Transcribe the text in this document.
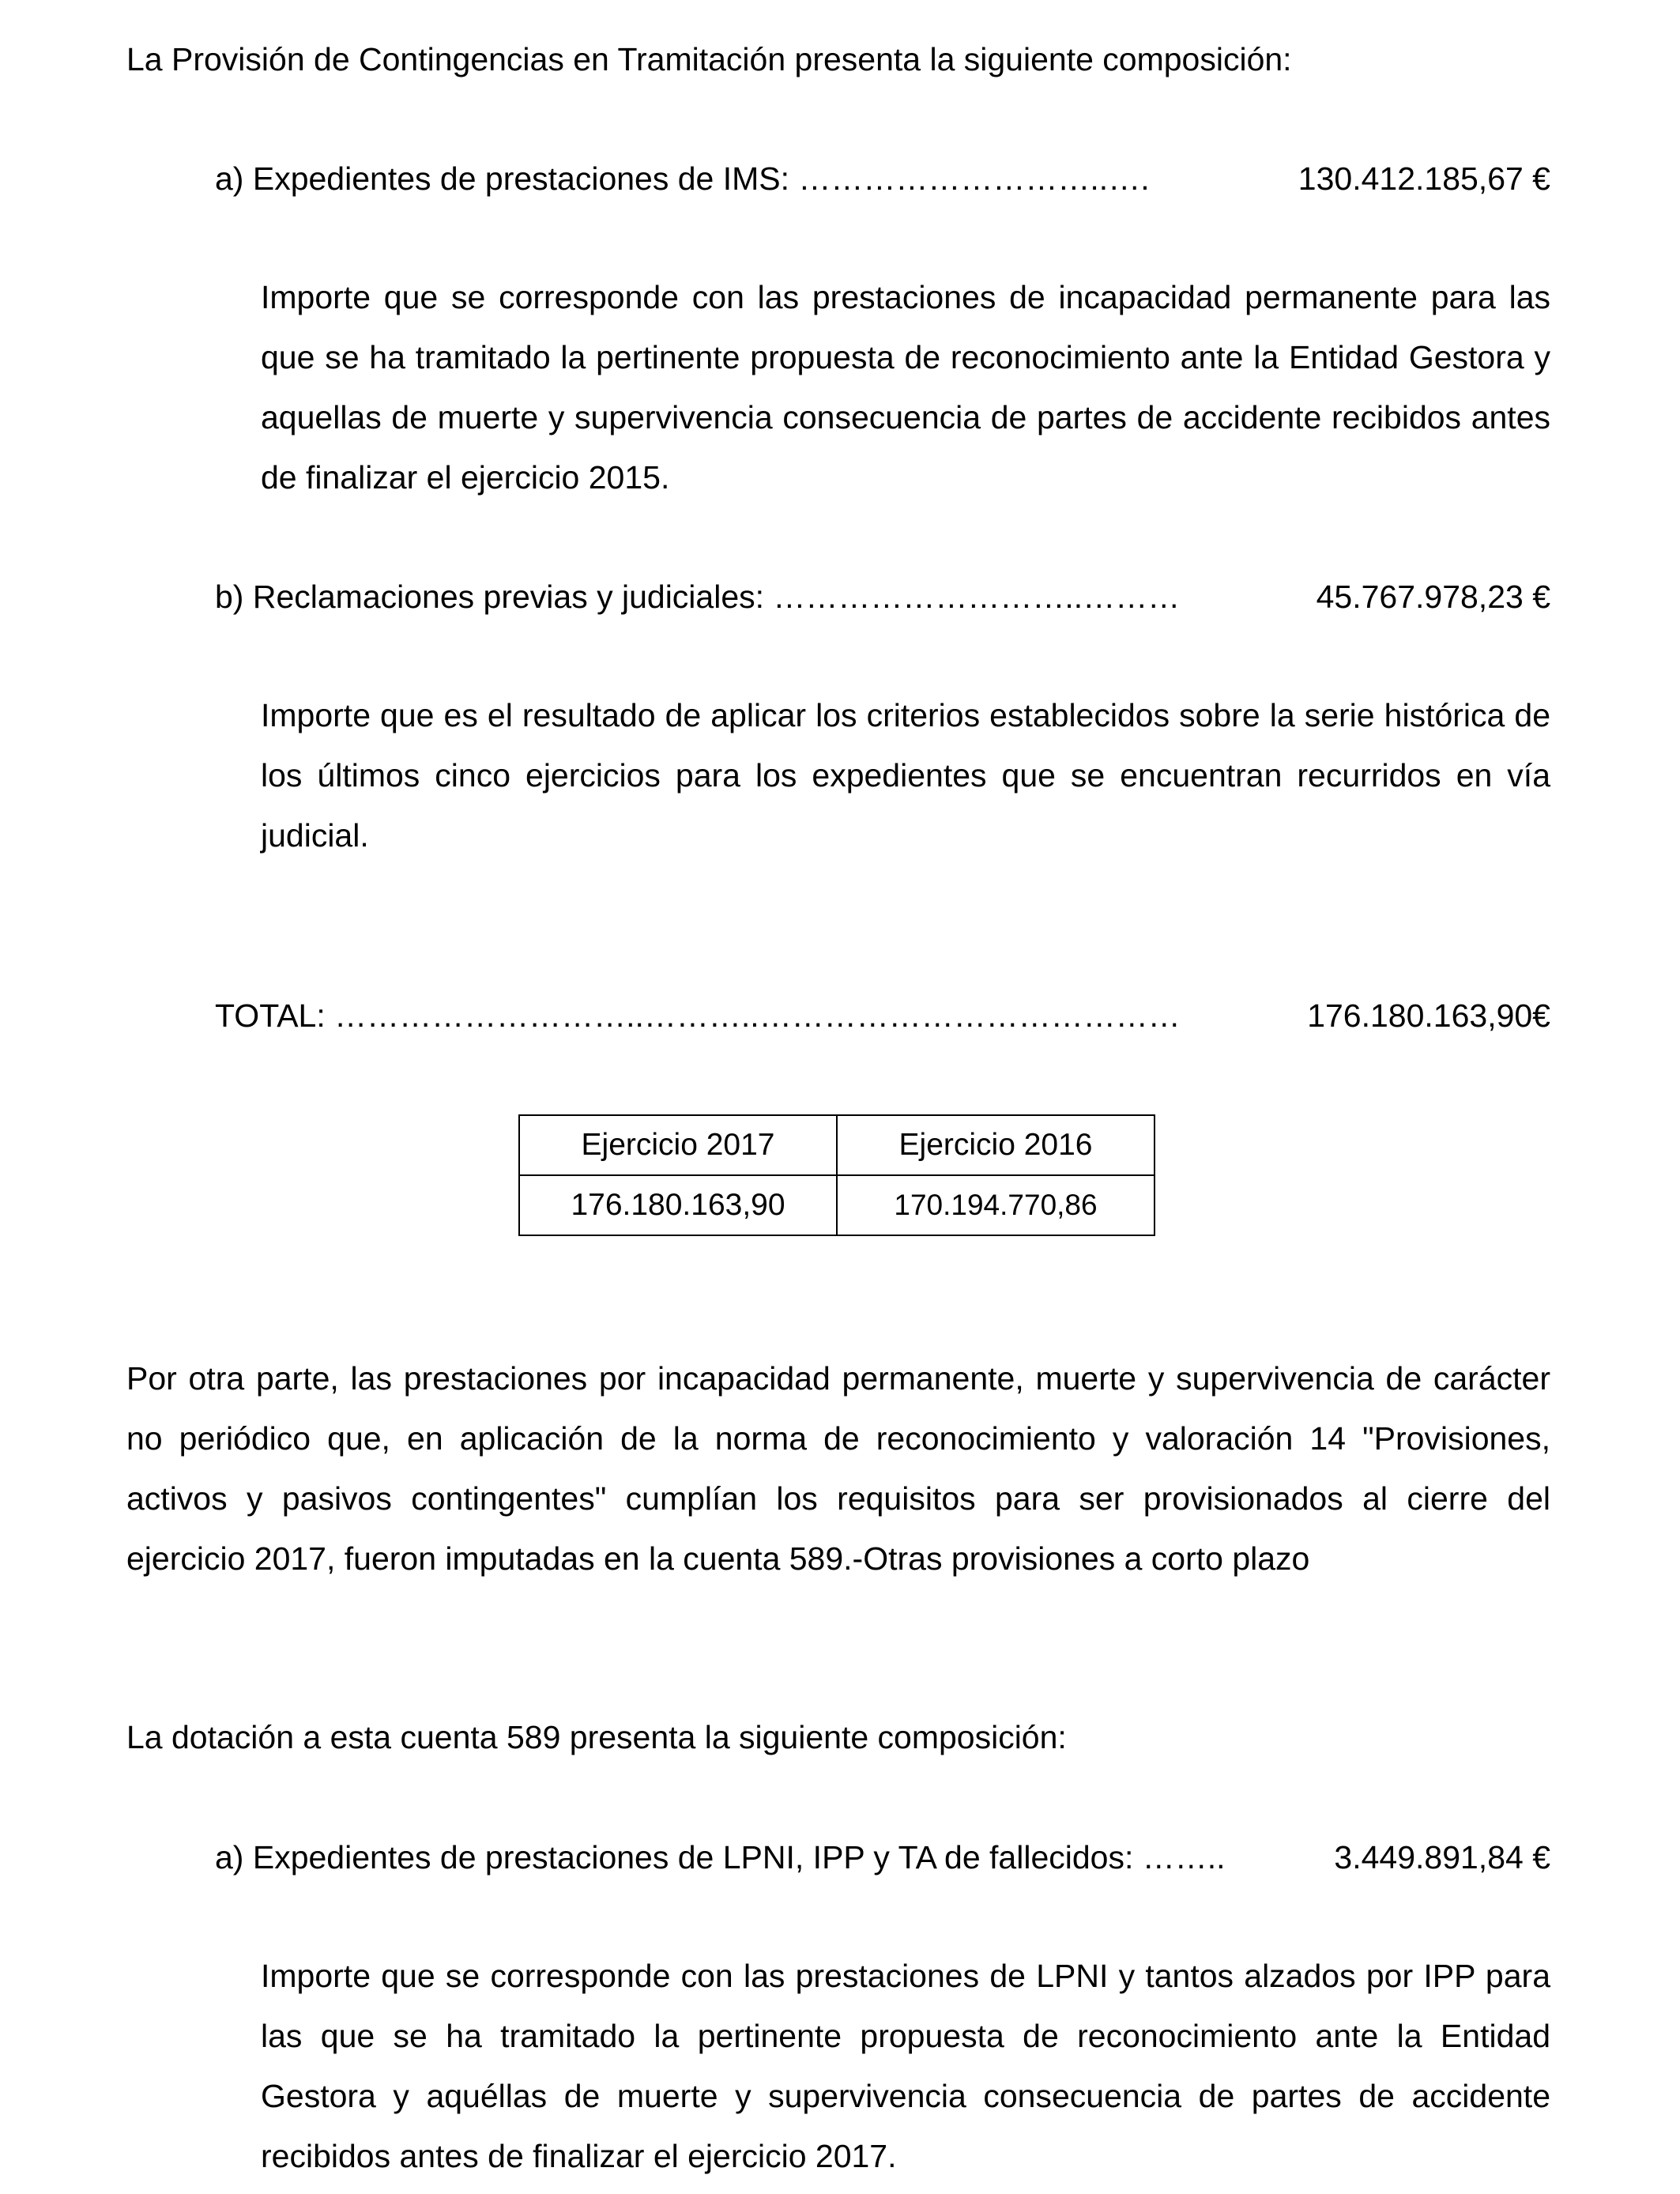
La Provisión de Contingencias en Tramitación presenta la siguiente composición:
a) Expedientes de prestaciones de IMS: ………………………..….	130.412.185,67 €

Importe que se corresponde con las prestaciones de incapacidad permanente para las que se ha tramitado la pertinente propuesta de reconocimiento ante la Entidad Gestora y aquellas de muerte y supervivencia consecuencia de partes de accidente recibidos antes de finalizar el ejercicio 2015.

b) Reclamaciones previas y judiciales: ………………………..………	45.767.978,23 €

Importe que es el resultado de aplicar los criterios establecidos sobre la serie histórica de los últimos cinco ejercicios para los expedientes que se encuentran recurridos en vía judicial.

TOTAL: ………………………..………..…………………………………	176.180.163,90€
Ejercicio 2017	Ejercicio 2016
176.180.163,90	170.194.770,86

Por otra parte, las prestaciones por incapacidad permanente, muerte y supervivencia de carácter no periódico que, en aplicación de la norma de reconocimiento y valoración 14 "Provisiones, activos y pasivos contingentes" cumplían los requisitos para ser provisionados al cierre del ejercicio 2017, fueron imputadas en la cuenta 589.-Otras provisiones a corto plazo

La dotación a esta cuenta 589 presenta la siguiente composición:
a) Expedientes de prestaciones de LPNI, IPP y TA de fallecidos: ……..	3.449.891,84 €

Importe que se corresponde con las prestaciones de LPNI y tantos alzados por IPP para las que se ha tramitado la pertinente propuesta de reconocimiento ante la Entidad Gestora y aquéllas de muerte y supervivencia consecuencia de partes de accidente recibidos antes de finalizar el ejercicio 2017.
